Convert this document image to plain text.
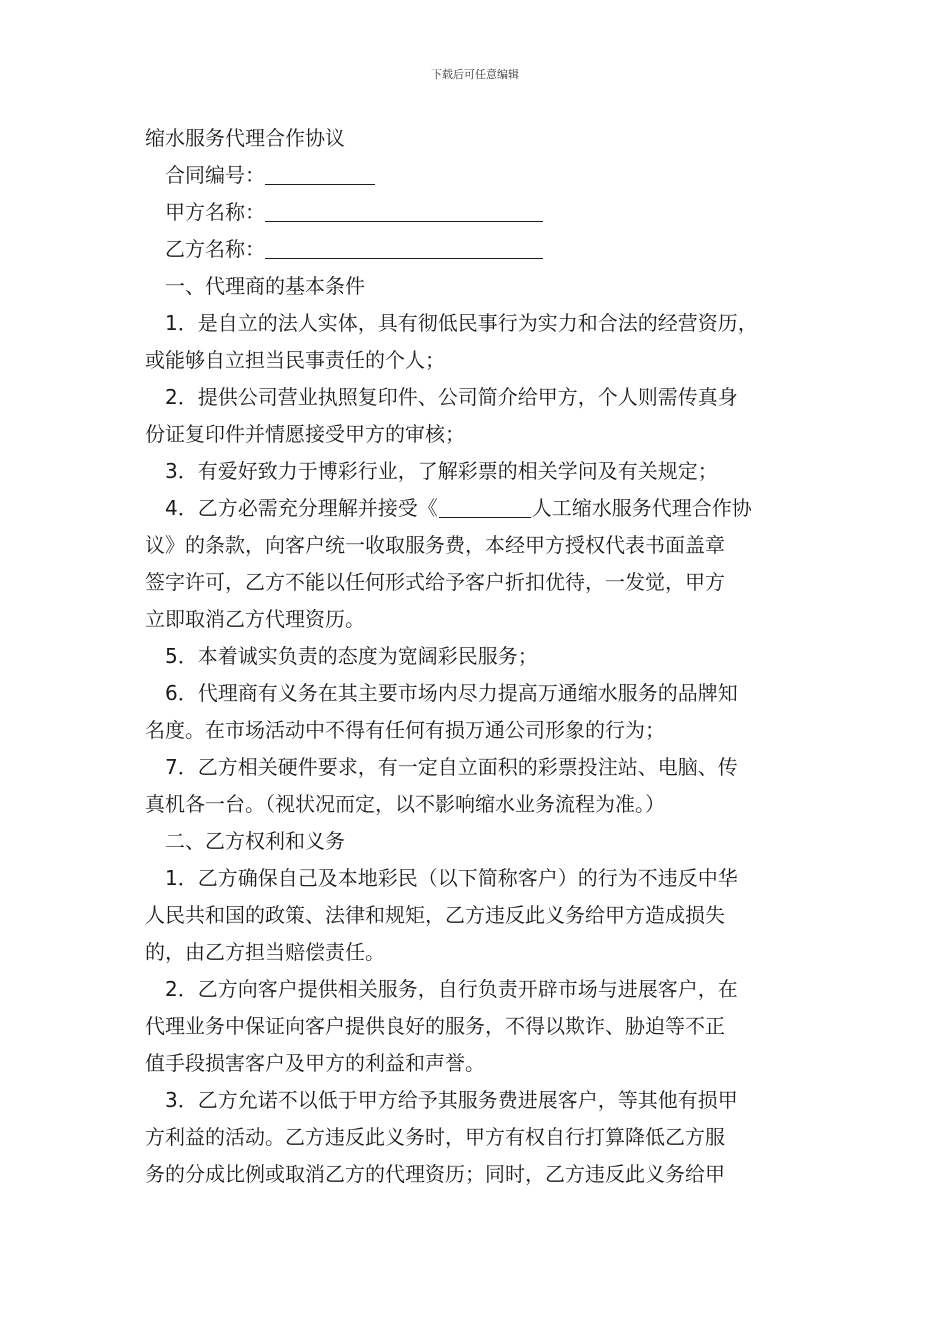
下载后可任意编辑
缩水服务代理合作协议
合同编号：
甲方名称：
乙方名称：
一、代理商的基本条件
1．是自立的法人实体，具有彻低民事行为实力和合法的经营资历，
或能够自立担当民事责任的个人；
2．提供公司营业执照复印件、公司简介给甲方，个人则需传真身
份证复印件并情愿接受甲方的审核；
3．有爱好致力于博彩行业，了解彩票的相关学问及有关规定；
4．乙方必需充分理解并接受《	人工缩水服务代理合作协
议》的条款，向客户统一收取服务费，本经甲方授权代表书面盖章
签字许可，乙方不能以任何形式给予客户折扣优待，一发觉，甲方
立即取消乙方代理资历。
5．本着诚实负责的态度为宽阔彩民服务；
6．代理商有义务在其主要市场内尽力提高万通缩水服务的品牌知
名度。在市场活动中不得有任何有损万通公司形象的行为；
7．乙方相关硬件要求，有一定自立面积的彩票投注站、电脑、传
真机各一台。（视状况而定，以不影响缩水业务流程为准。）
二、乙方权利和义务
1．乙方确保自己及本地彩民（以下简称客户）的行为不违反中华
人民共和国的政策、法律和规矩，乙方违反此义务给甲方造成损失
的，由乙方担当赔偿责任。
2．乙方向客户提供相关服务，自行负责开辟市场与进展客户，在
代理业务中保证向客户提供良好的服务，不得以欺诈、胁迫等不正
值手段损害客户及甲方的利益和声誉。
3．乙方允诺不以低于甲方给予其服务费进展客户，等其他有损甲
方利益的活动。乙方违反此义务时，甲方有权自行打算降低乙方服
务的分成比例或取消乙方的代理资历；同时，乙方违反此义务给甲
